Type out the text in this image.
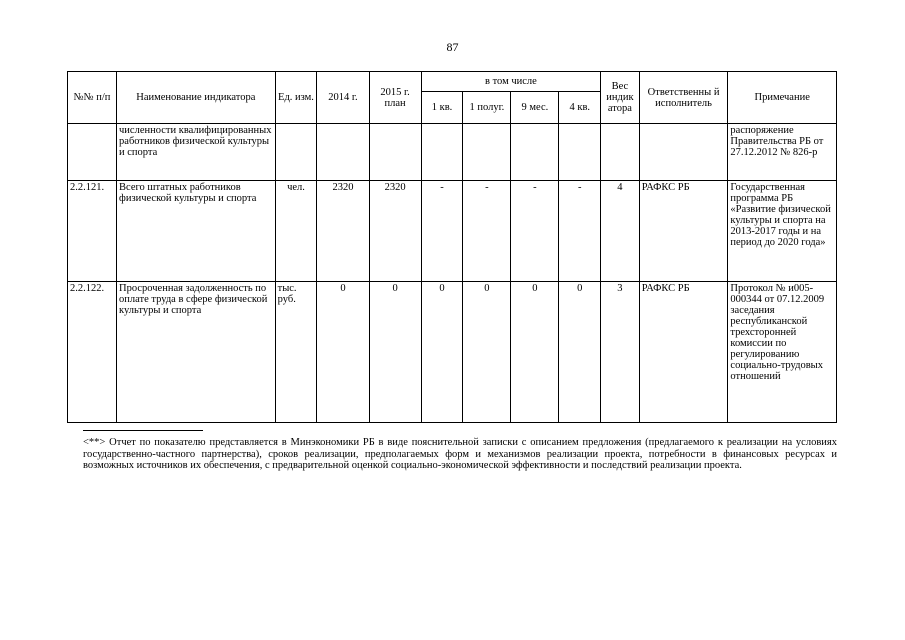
87
№№ п/п	Наименование индикатора	Ед. изм.	2014 г.	2015 г. план	в том числе				Вес индик атора	Ответственны й исполнитель	Примечание
					1 кв.	1 полуг.	9 мес.	4 кв.			
	численности квалифицированных работников физической культуры и спорта										распоряжение Правительства РБ от 27.12.2012 № 826-р
2.2.121.	Всего штатных работников физической культуры и спорта	чел.	2320	2320	-	-	-	-	4	РАФКС РБ	Государственная программа РБ «Развитие физической культуры и спорта на 2013-2017 годы и на период до 2020 года»
2.2.122.	Просроченная задолженность по оплате труда в сфере физической культуры и спорта	тыс. руб.	0	0	0	0	0	0	3	РАФКС РБ	Протокол № и005-000344 от 07.12.2009 заседания республиканской трехсторонней комиссии по регулированию социально-трудовых отношений
<**> Отчет по показателю представляется в Минэкономики РБ в виде пояснительной записки с описанием предложения (предлагаемого к реализации на условиях государственно-частного партнерства), сроков реализации, предполагаемых форм и механизмов реализации проекта, потребности в финансовых ресурсах и возможных источников их обеспечения, с предварительной оценкой социально-экономической эффективности и последствий реализации проекта.
